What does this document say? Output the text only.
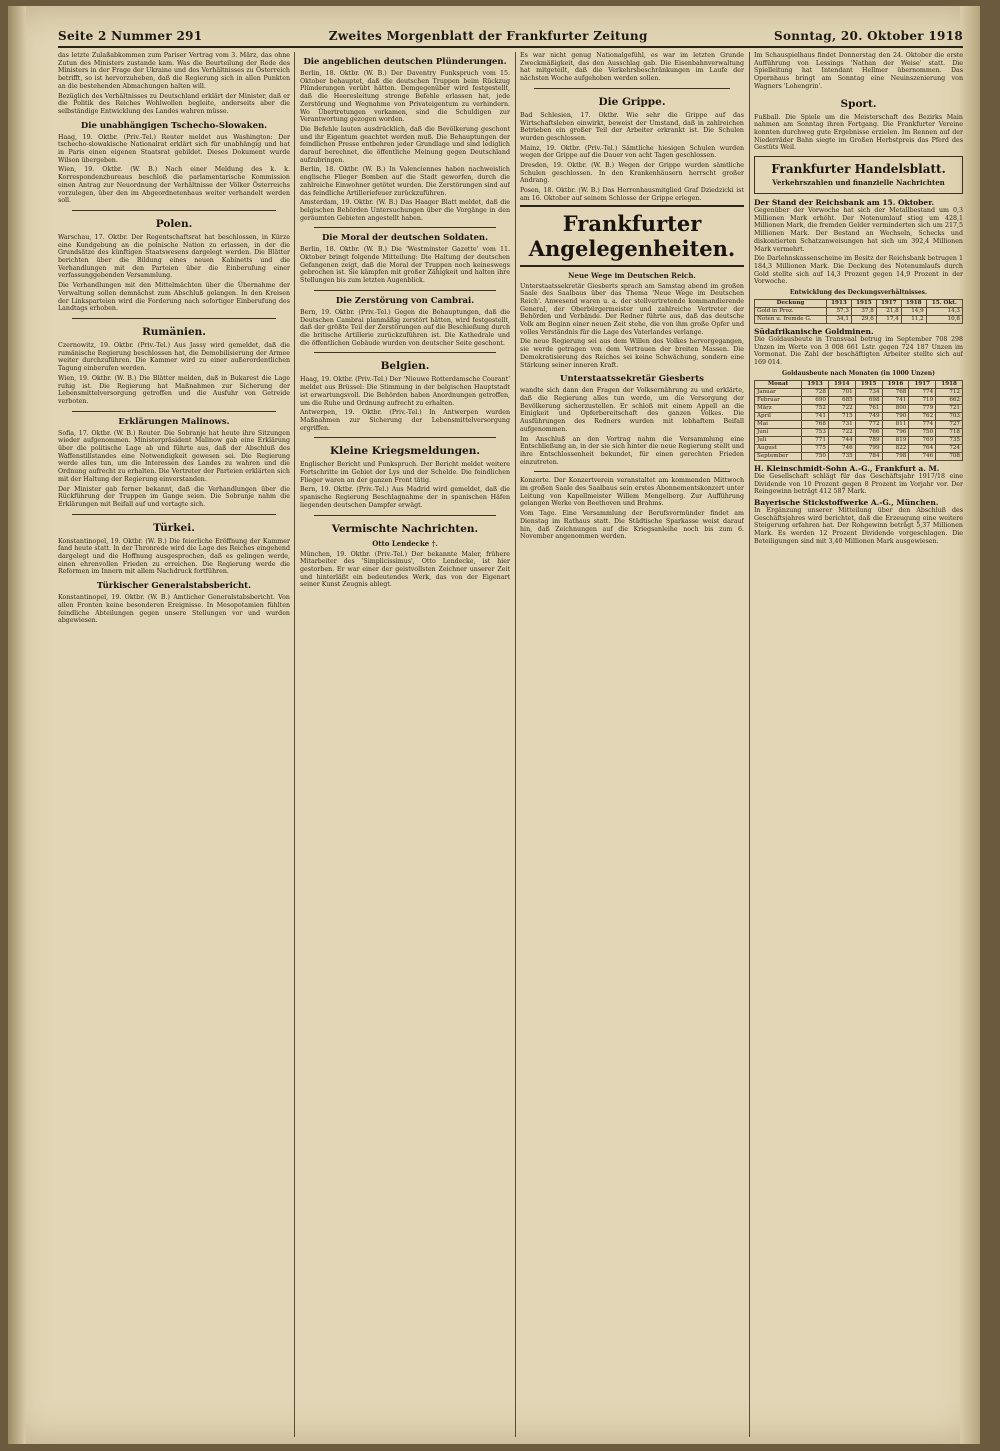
Seite 2 Nummer 291	Zweites Morgenblatt der Frankfurter Zeitung	Sonntag, 20. Oktober 1918

das letzte Zulaßabkommen zum Pariser Vertrag vom 3. März, das ohne Zutun des Ministers zustande kam. Was die Beurteilung der Rede des Ministers in der Frage der Ukraine und des Verhältnisses zu Österreich betrifft, so ist hervorzuheben, daß die Regierung sich in allen Punkten an die bestehenden Abmachungen halten will.

Bezüglich des Verhältnisses zu Deutschland erklärt der Minister, daß er die Politik des Reiches Wohlwollen begleite, anderseits aber die selbständige Entwicklung des Landes wahren müsse.

Die unabhängigen Tschecho-Slowaken.

Haag, 19. Oktbr. (Priv.-Tel.) Reuter meldet aus Washington: Der tschecho-slowakische Nationalrat erklärt sich für unabhängig und hat in Paris einen eigenen Staatsrat gebildet. Dieses Dokument wurde Wilson übergeben.

Wien, 19. Oktbr. (W. B.) Nach einer Meldung des k. k. Korrespondenzbureaus beschloß die parlamentarische Kommission einen Antrag zur Neuordnung der Verhältnisse der Völker Österreichs vorzulegen, über den im Abgeordnetenhaus weiter verhandelt werden soll.

Polen.

Warschau, 17. Oktbr. Der Regentschaftsrat hat beschlossen, in Kürze eine Kundgebung an die polnische Nation zu erlassen, in der die Grundsätze des künftigen Staatswesens dargelegt werden. Die Blätter berichten über die Bildung eines neuen Kabinetts und die Verhandlungen mit den Parteien über die Einberufung einer verfassunggebenden Versammlung.

Die Verhandlungen mit den Mittelmächten über die Übernahme der Verwaltung sollen demnächst zum Abschluß gelangen. In den Kreisen der Linksparteien wird die Forderung nach sofortiger Einberufung des Landtags erhoben.

Rumänien.

Czernowitz, 19. Oktbr. (Priv.-Tel.) Aus Jassy wird gemeldet, daß die rumänische Regierung beschlossen hat, die Demobilisierung der Armee weiter durchzuführen. Die Kammer wird zu einer außerordentlichen Tagung einberufen werden.

Wien, 19. Oktbr. (W. B.) Die Blätter melden, daß in Bukarest die Lage ruhig ist. Die Regierung hat Maßnahmen zur Sicherung der Lebensmittelversorgung getroffen und die Ausfuhr von Getreide verboten.

Erklärungen Malinows.

Sofia, 17. Oktbr. (W. B.) Reuter. Die Sobranje hat heute ihre Sitzungen wieder aufgenommen. Ministerpräsident Malinow gab eine Erklärung über die politische Lage ab und führte aus, daß der Abschluß des Waffenstillstandes eine Notwendigkeit gewesen sei. Die Regierung werde alles tun, um die Interessen des Landes zu wahren und die Ordnung aufrecht zu erhalten. Die Vertreter der Parteien erklärten sich mit der Haltung der Regierung einverstanden.

Der Minister gab ferner bekannt, daß die Verhandlungen über die Rückführung der Truppen im Gange seien. Die Sobranje nahm die Erklärungen mit Beifall auf und vertagte sich.

Türkei.

Konstantinopel, 19. Oktbr. (W. B.) Die feierliche Eröffnung der Kammer fand heute statt. In der Thronrede wird die Lage des Reiches eingehend dargelegt und die Hoffnung ausgesprochen, daß es gelingen werde, einen ehrenvollen Frieden zu erreichen. Die Regierung werde die Reformen im Innern mit allem Nachdruck fortführen.

Türkischer Generalstabsbericht.

Konstantinopel, 19. Oktbr. (W. B.) Amtlicher Generalstabsbericht. Von allen Fronten keine besonderen Ereignisse. In Mesopotamien fühlten feindliche Abteilungen gegen unsere Stellungen vor und wurden abgewiesen.

Die angeblichen deutschen Plünderungen.

Berlin, 18. Oktbr. (W. B.) Der Daventry Funkspruch vom 15. Oktober behauptet, daß die deutschen Truppen beim Rückzug Plünderungen verübt hätten. Demgegenüber wird festgestellt, daß die Heeresleitung strenge Befehle erlassen hat, jede Zerstörung und Wegnahme von Privateigentum zu verhindern. Wo Übertretungen vorkamen, sind die Schuldigen zur Verantwortung gezogen worden.

Die Befehle lauten ausdrücklich, daß die Bevölkerung geschont und ihr Eigentum geachtet werden muß. Die Behauptungen der feindlichen Presse entbehren jeder Grundlage und sind lediglich darauf berechnet, die öffentliche Meinung gegen Deutschland aufzubringen.

Berlin, 18. Oktbr. (W. B.) In Valenciennes haben nachweislich englische Flieger Bomben auf die Stadt geworfen, durch die zahlreiche Einwohner getötet wurden. Die Zerstörungen sind auf das feindliche Artilleriefeuer zurückzuführen.

Amsterdam, 19. Oktbr. (W. B.) Das Haager Blatt meldet, daß die belgischen Behörden Untersuchungen über die Vorgänge in den geräumten Gebieten angestellt haben.

Die Moral der deutschen Soldaten.

Berlin, 18. Oktbr. (W. B.) Die 'Westminster Gazette' vom 11. Oktober bringt folgende Mitteilung: Die Haltung der deutschen Gefangenen zeigt, daß die Moral der Truppen noch keineswegs gebrochen ist. Sie kämpfen mit großer Zähigkeit und halten ihre Stellungen bis zum letzten Augenblick.

Die Zerstörung von Cambrai.

Bern, 19. Oktbr. (Priv.-Tel.) Gegen die Behauptungen, daß die Deutschen Cambrai planmäßig zerstört hätten, wird festgestellt, daß der größte Teil der Zerstörungen auf die Beschießung durch die britische Artillerie zurückzuführen ist. Die Kathedrale und die öffentlichen Gebäude wurden von deutscher Seite geschont.

Belgien.

Haag, 19. Oktbr. (Priv.-Tel.) Der 'Nieuwe Rotterdamsche Courant' meldet aus Brüssel: Die Stimmung in der belgischen Hauptstadt ist erwartungsvoll. Die Behörden haben Anordnungen getroffen, um die Ruhe und Ordnung aufrecht zu erhalten.

Antwerpen, 19. Oktbr. (Priv.-Tel.) In Antwerpen wurden Maßnahmen zur Sicherung der Lebensmittelversorgung ergriffen.

Kleine Kriegsmeldungen.

Englischer Bericht und Funkspruch. Der Bericht meldet weitere Fortschritte im Gebiet der Lys und der Schelde. Die feindlichen Flieger waren an der ganzen Front tätig.

Bern, 19. Oktbr. (Priv.-Tel.) Aus Madrid wird gemeldet, daß die spanische Regierung Beschlagnahme der in spanischen Häfen liegenden deutschen Dampfer erwägt.

Vermischte Nachrichten.
Otto Lendecke †.

München, 19. Oktbr. (Priv.-Tel.) Der bekannte Maler, frühere Mitarbeiter des 'Simplicissimus', Otto Lendecke, ist hier gestorben. Er war einer der geistvollsten Zeichner unserer Zeit und hinterläßt ein bedeutendes Werk, das von der Eigenart seiner Kunst Zeugnis ablegt.

Es war nicht genug Nationalgefühl, es war im letzten Grunde Zweckmäßigkeit, das den Ausschlag gab. Die Eisenbahnverwaltung hat mitgeteilt, daß die Verkehrsbeschränkungen im Laufe der nächsten Woche aufgehoben werden sollen.

Die Grippe.

Bad Schlesien, 17. Oktbr. Wie sehr die Grippe auf das Wirtschaftsleben einwirkt, beweist der Umstand, daß in zahlreichen Betrieben ein großer Teil der Arbeiter erkrankt ist. Die Schulen wurden geschlossen.

Mainz, 19. Oktbr. (Priv.-Tel.) Sämtliche hiesigen Schulen wurden wegen der Grippe auf die Dauer von acht Tagen geschlossen.

Dresden, 19. Oktbr. (W. B.) Wegen der Grippe wurden sämtliche Schulen geschlossen. In den Krankenhäusern herrscht großer Andrang.

Posen, 18. Oktbr. (W. B.) Das Herrenhausmitglied Graf Dziedzicki ist am 16. Oktober auf seinem Schlosse der Grippe erlegen.

Frankfurter Angelegenheiten.
Neue Wege im Deutschen Reich.

Unterstaatssekretär Giesberts sprach am Samstag abend im großen Saale des Saalbaus über das Thema 'Neue Wege im Deutschen Reich'. Anwesend waren u. a. der stellvertretende kommandierende General, der Oberbürgermeister und zahlreiche Vertreter der Behörden und Verbände. Der Redner führte aus, daß das deutsche Volk am Beginn einer neuen Zeit stehe, die von ihm große Opfer und volles Verständnis für die Lage des Vaterlandes verlange.

Die neue Regierung sei aus dem Willen des Volkes hervorgegangen, sie werde getragen von dem Vertrauen der breiten Massen. Die Demokratisierung des Reiches sei keine Schwächung, sondern eine Stärkung seiner inneren Kraft.

Unterstaatssekretär Giesberts

wandte sich dann den Fragen der Volksernährung zu und erklärte, daß die Regierung alles tun werde, um die Versorgung der Bevölkerung sicherzustellen. Er schloß mit einem Appell an die Einigkeit und Opferbereitschaft des ganzen Volkes. Die Ausführungen des Redners wurden mit lebhaftem Beifall aufgenommen.

Im Anschluß an den Vortrag nahm die Versammlung eine Entschließung an, in der sie sich hinter die neue Regierung stellt und ihre Entschlossenheit bekundet, für einen gerechten Frieden einzutreten.

Konzerte. Der Konzertverein veranstaltet am kommenden Mittwoch im großen Saale des Saalbaus sein erstes Abonnementskonzert unter Leitung von Kapellmeister Willem Mengelberg. Zur Aufführung gelangen Werke von Beethoven und Brahms.

Vom Tage. Eine Versammlung der Berufsvormünder findet am Dienstag im Rathaus statt. Die Städtische Sparkasse weist darauf hin, daß Zeichnungen auf die Kriegsanleihe noch bis zum 6. November angenommen werden.

Im Schauspielhaus findet Donnerstag den 24. Oktober die erste Aufführung von Lessings 'Nathan der Weise' statt. Die Spielleitung hat Intendant Hellmer übernommen. Das Opernhaus bringt am Sonntag eine Neuinszenierung von Wagners 'Lohengrin'.

Sport.

Fußball. Die Spiele um die Meisterschaft des Bezirks Main nahmen am Sonntag ihren Fortgang. Die Frankfurter Vereine konnten durchweg gute Ergebnisse erzielen. Im Rennen auf der Niederräder Bahn siegte im Großen Herbstpreis das Pferd des Gestüts Weil.

Frankfurter Handelsblatt.
Verkehrszahlen und finanzielle Nachrichten
Der Stand der Reichsbank am 15. Oktober.

Gegenüber der Vorwoche hat sich der Metallbestand um 0,3 Millionen Mark erhöht. Der Notenumlauf stieg um 428,1 Millionen Mark, die fremden Gelder verminderten sich um 217,5 Millionen Mark. Der Bestand an Wechseln, Schecks und diskontierten Schatzanweisungen hat sich um 392,4 Millionen Mark vermehrt.

Die Darlehnskassenscheine im Besitz der Reichsbank betrugen 1 184,3 Millionen Mark. Die Deckung des Notenumlaufs durch Gold stellte sich auf 14,3 Prozent gegen 14,9 Prozent in der Vorwoche.

Entwicklung des Deckungsverhältnisses.
Deckung	1913	1915	1917	1918	15. Okt.
Gold in Proz.	57,3	37,8	21,8	14,9	14,3
Noten u. fremde G.	34,1	29,6	17,4	11,2	10,8
Südafrikanische Goldminen.

Die Goldausbeute in Transvaal betrug im September 708 298 Unzen im Werte von 3 008 661 Lstr. gegen 724 187 Unzen im Vormonat. Die Zahl der beschäftigten Arbeiter stellte sich auf 169 014.

Goldausbeute nach Monaten (in 1000 Unzen)
Monat	1913	1914	1915	1916	1917	1918
Januar	728	701	734	768	774	712
Februar	690	685	698	741	719	662
März	752	722	761	800	779	721
April	741	715	749	790	762	703
Mai	768	731	772	811	774	727
Juni	753	722	766	796	750	718
Juli	771	744	789	819	769	735
August	775	746	799	822	764	724
September	750	735	784	798	746	708
H. Kleinschmidt-Sohn A.-G., Frankfurt a. M.

Die Gesellschaft schlägt für das Geschäftsjahr 1917/18 eine Dividende von 10 Prozent gegen 8 Prozent im Vorjahr vor. Der Reingewinn beträgt 412 587 Mark.

Bayerische Stickstoffwerke A.-G., München.

In Ergänzung unserer Mitteilung über den Abschluß des Geschäftsjahres wird berichtet, daß die Erzeugung eine weitere Steigerung erfahren hat. Der Rohgewinn beträgt 5,37 Millionen Mark. Es werden 12 Prozent Dividende vorgeschlagen. Die Beteiligungen sind mit 3,40 Millionen Mark ausgewiesen.
